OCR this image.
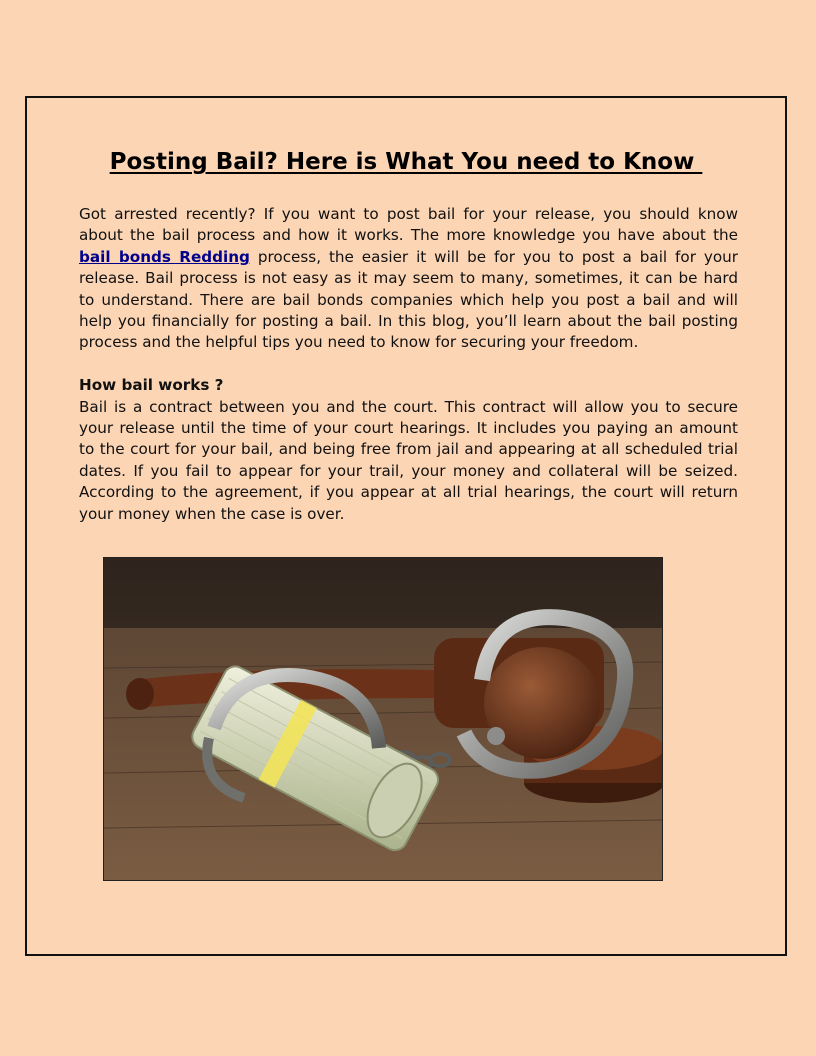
Posting Bail? Here is What You need to Know

Got arrested recently? If you want to post bail for your release, you should know about the bail process and how it works. The more knowledge you have about the bail bonds Redding process, the easier it will be for you to post a bail for your release. Bail process is not easy as it may seem to many, sometimes, it can be hard to understand. There are bail bonds companies which help you post a bail and will help you financially for posting a bail. In this blog, you’ll learn about the bail posting process and the helpful tips you need to know for securing your freedom.

How bail works ?

Bail is a contract between you and the court. This contract will allow you to secure your release until the time of your court hearings. It includes you paying an amount to the court for your bail, and being free from jail and appearing at all scheduled trial dates. If you fail to appear for your trail, your money and collateral will be seized. According to the agreement, if you appear at all trial hearings, the court will return your money when the case is over.
